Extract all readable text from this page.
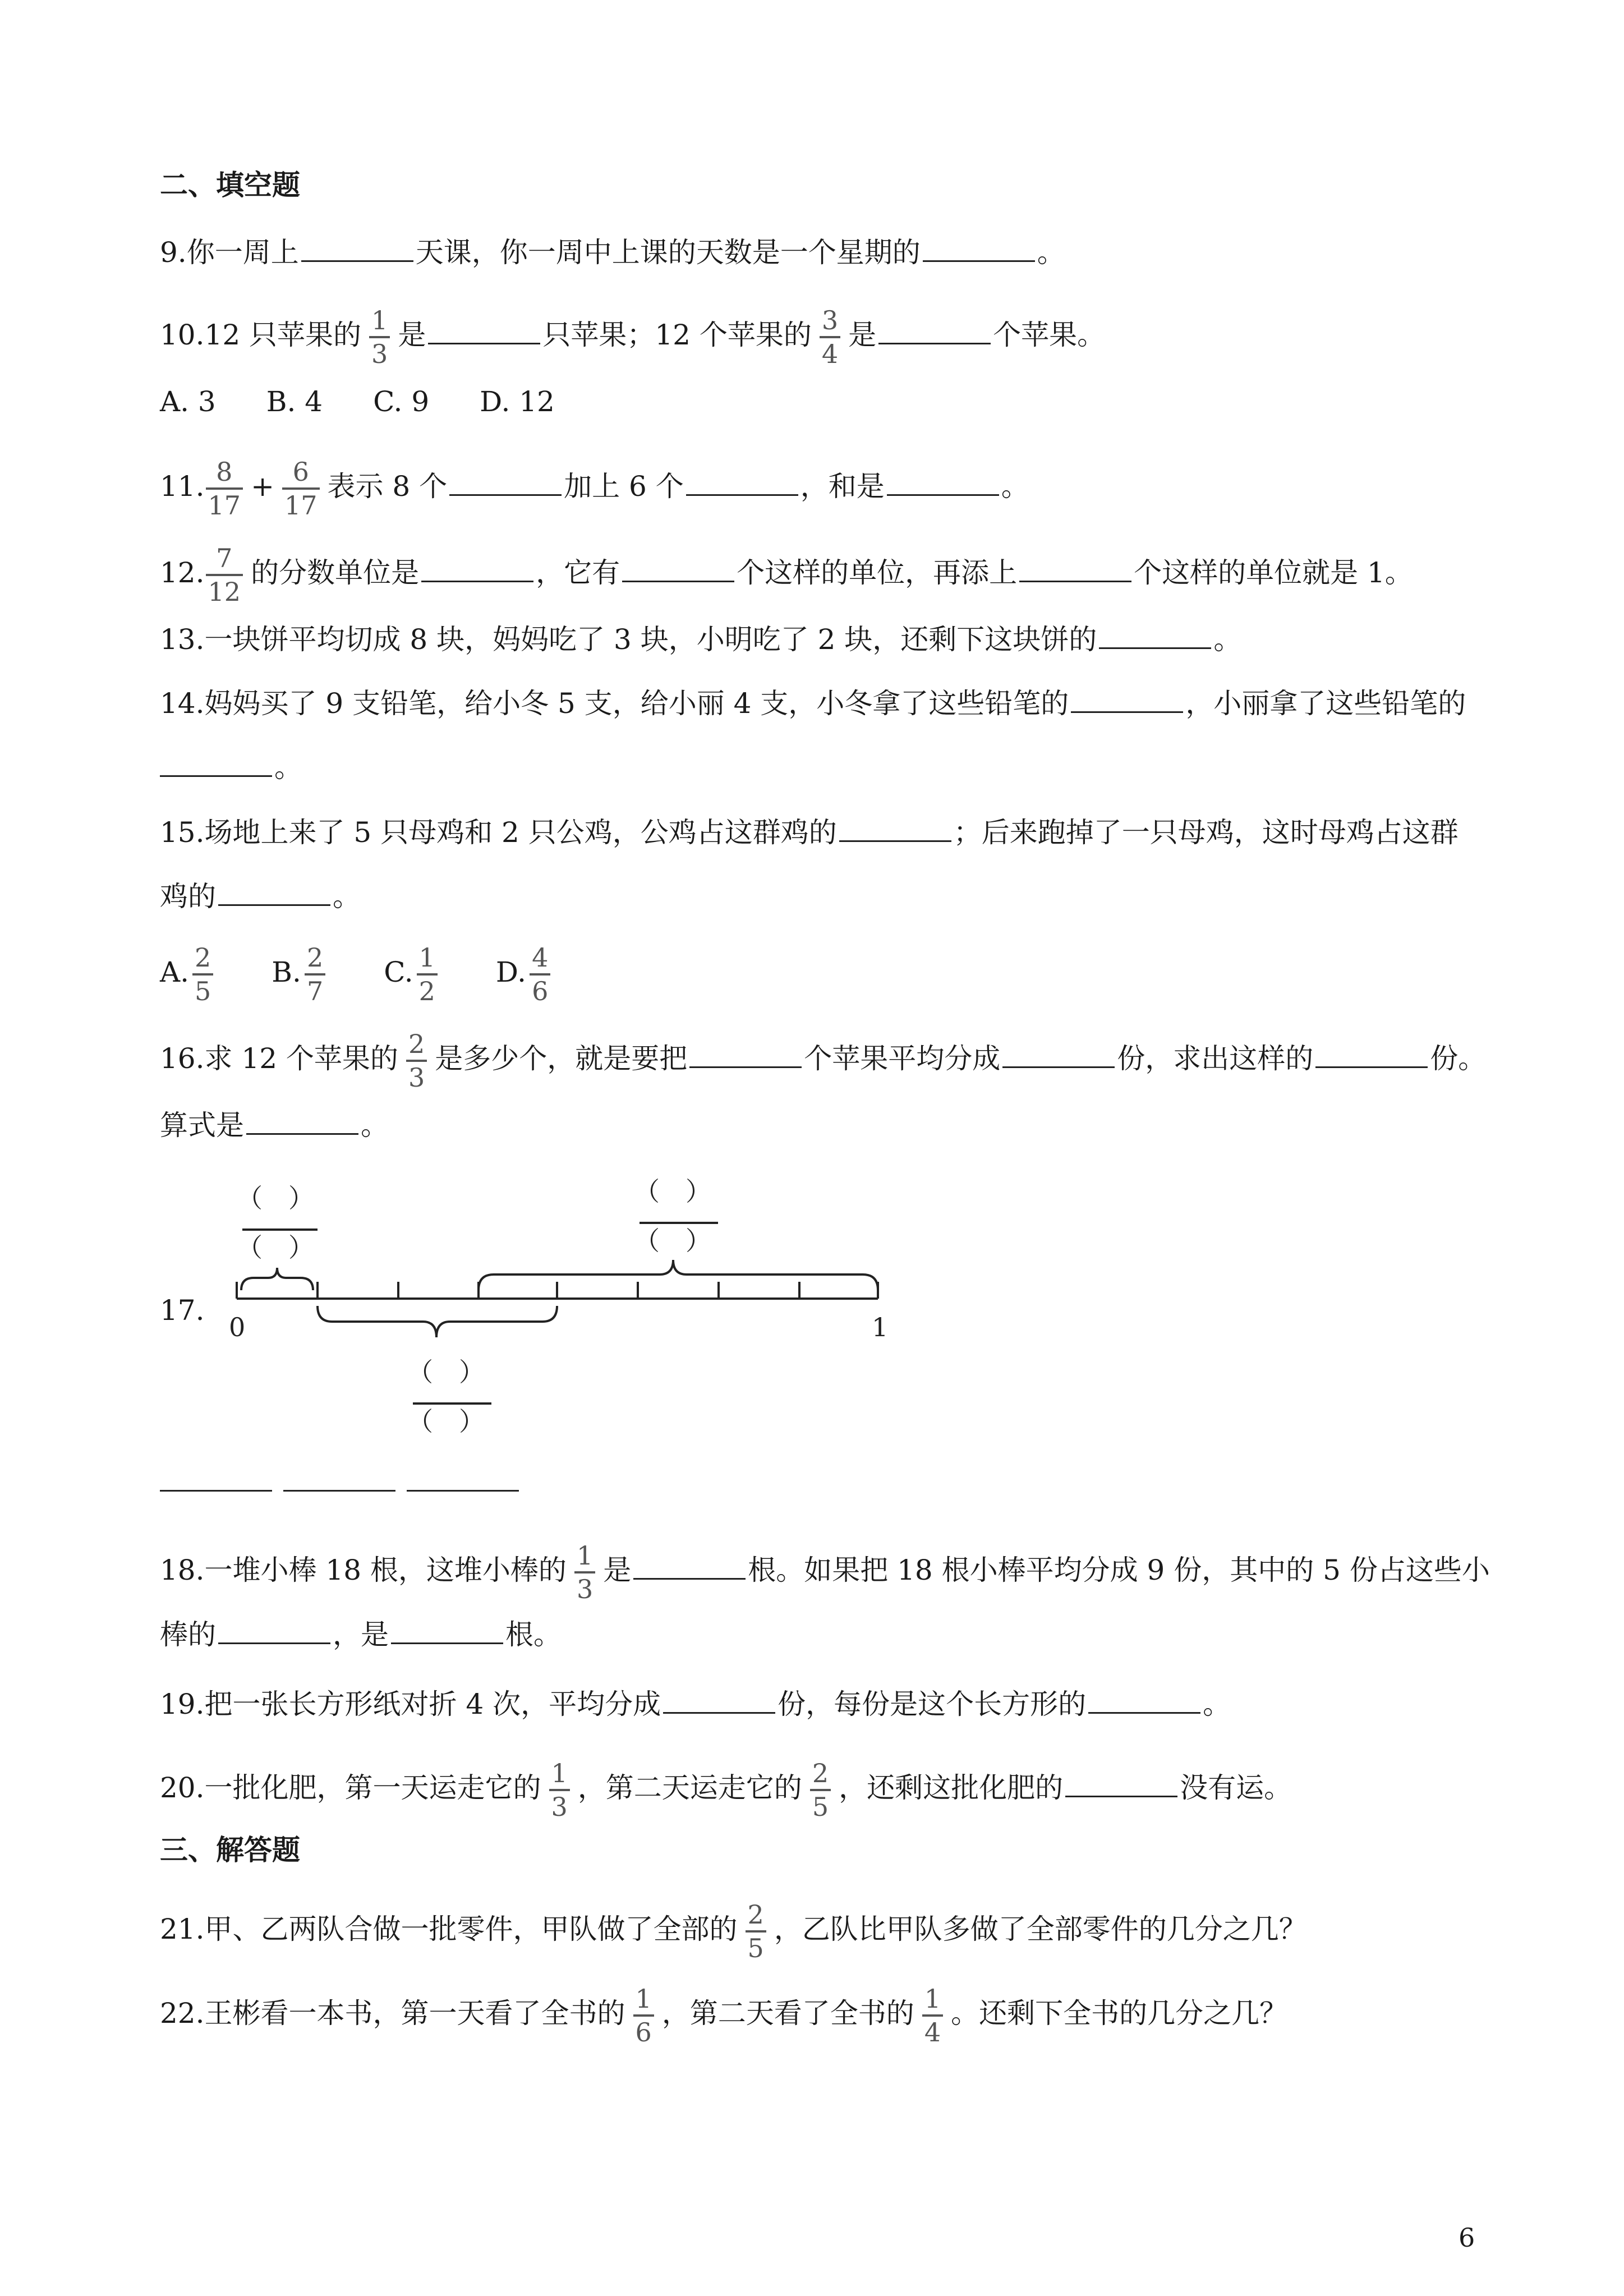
二、填空题
9.你一周上	天课，你一周中上课的天数是一个星期的	。
10.12 只苹果的 $\frac{1}{3}$ 是	只苹果；12 个苹果的 $\frac{3}{4}$ 是	个苹果。
A. 3 B. 4 C. 9 D. 12
11. $\frac{8}{17} + \frac{6}{17}$ 表示 8 个	加上 6 个	，和是	。
12. $\frac{7}{12}$ 的分数单位是	，它有	个这样的单位，再添上	个这样的单位就是 1。
13.一块饼平均切成 8 块，妈妈吃了 3 块，小明吃了 2 块，还剩下这块饼的	。
14.妈妈买了 9 支铅笔，给小冬 5 支，给小丽 4 支，小冬拿了这些铅笔的	，小丽拿了这些铅笔的
。
15.场地上来了 5 只母鸡和 2 只公鸡，公鸡占这群鸡的	；后来跑掉了一只母鸡，这时母鸡占这群
鸡的	。
A. $\frac{2}{5} B$. $\frac{2}{7} C$. $\frac{1}{2} D$. $\frac{4}{6}$
16.求 12 个苹果的 $\frac{2}{3}$ 是多少个，就是要把	个苹果平均分成	份，求出这样的	份。
算式是	。
17.
0	1
（　）
（　）
（　）
（　）
（　）
（　）
18.一堆小棒 18 根，这堆小棒的 $\frac{1}{3}$ 是	根。如果把 18 根小棒平均分成 9 份，其中的 5 份占这些小
棒的	，是	根。
19.把一张长方形纸对折 4 次，平均分成	份，每份是这个长方形的	。
20.一批化肥，第一天运走它的 $\frac{1}{3}$ ，第二天运走它的 $\frac{2}{5}$ ，还剩这批化肥的	没有运。
三、解答题
21.甲、乙两队合做一批零件，甲队做了全部的 $\frac{2}{5}$ ，乙队比甲队多做了全部零件的几分之几？
22.王彬看一本书，第一天看了全书的 $\frac{1}{6}$ ，第二天看了全书的 $\frac{1}{4}$ 。还剩下全书的几分之几？
6
